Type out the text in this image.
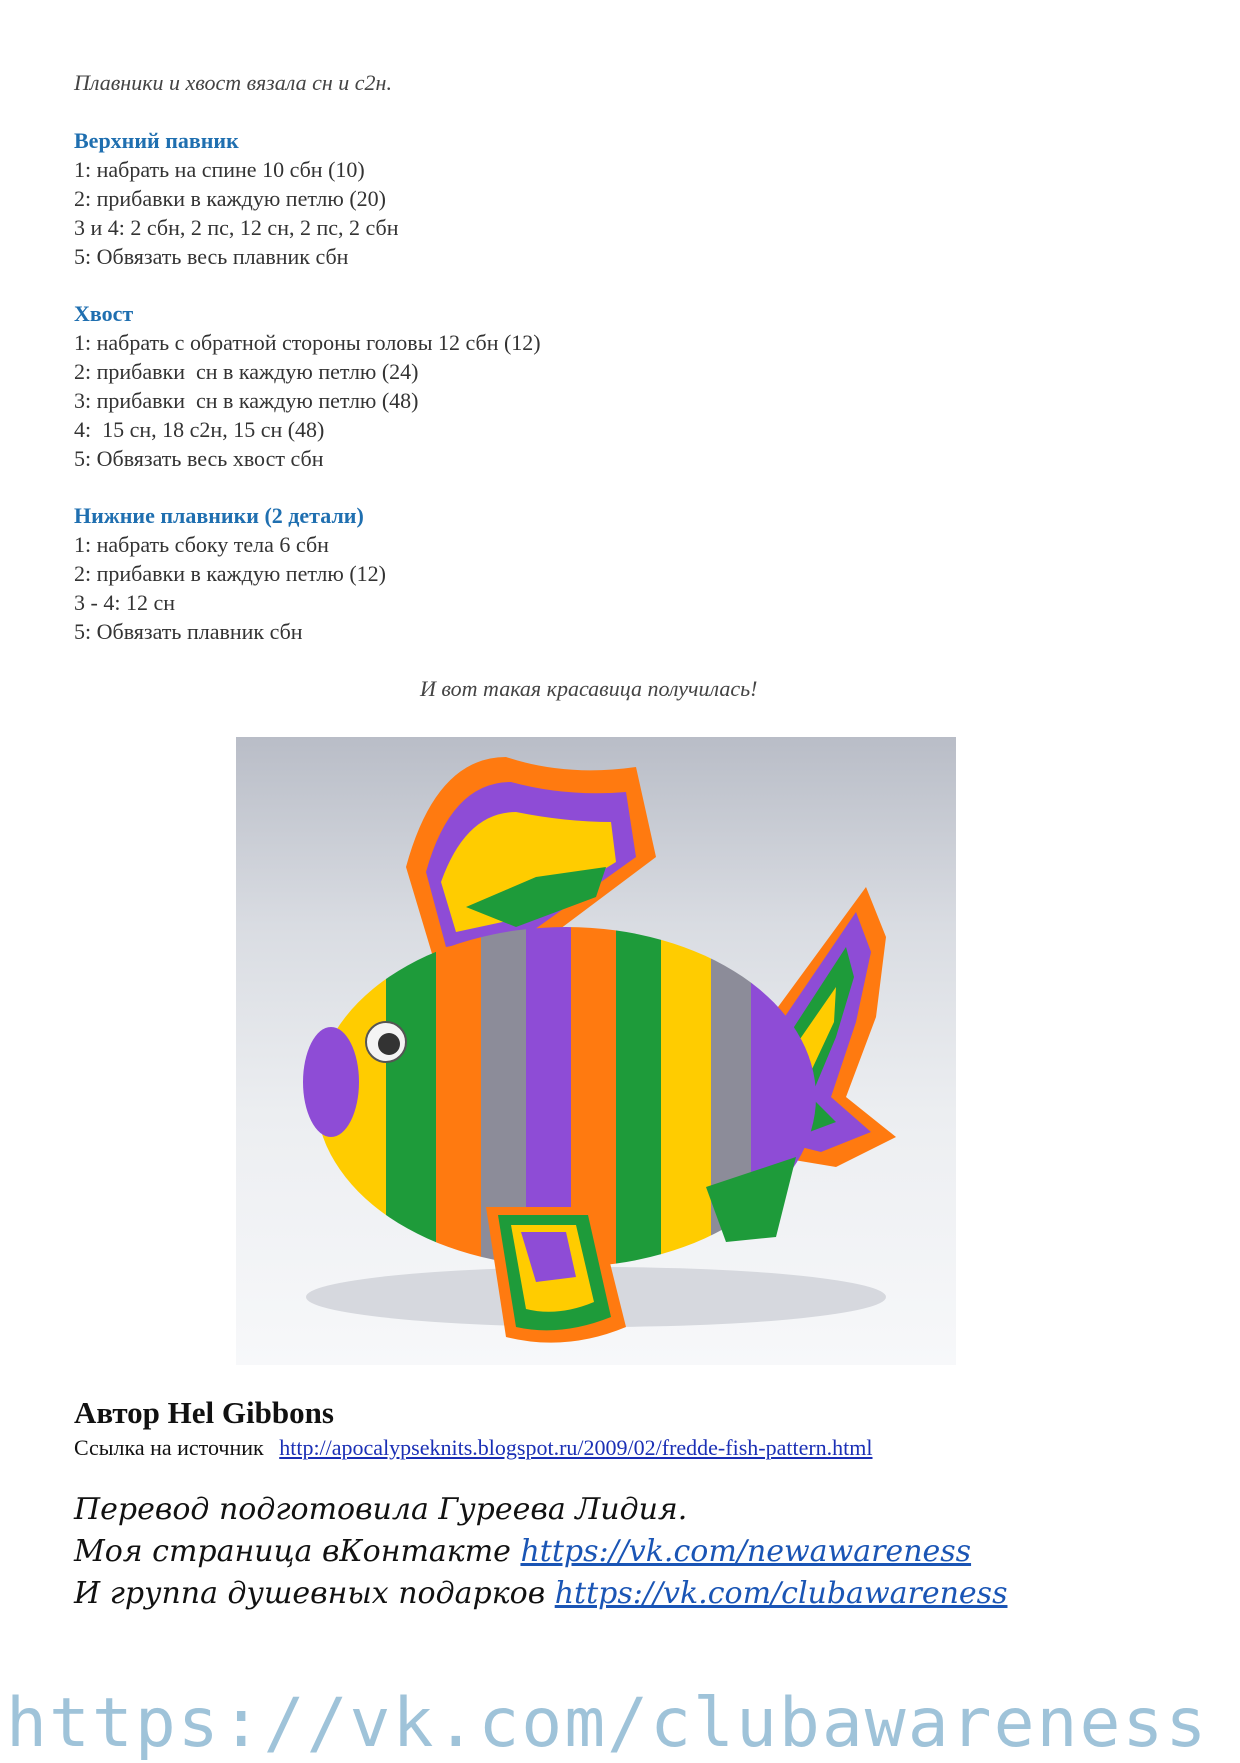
Плавники и хвост вязала сн и с2н.

Верхний павник
1: набрать на спине 10 сбн (10)
2: прибавки в каждую петлю (20)
3 и 4: 2 сбн, 2 пс, 12 сн, 2 пс, 2 сбн
5: Обвязать весь плавник сбн
Хвост
1: набрать с обратной стороны головы 12 сбн (12)
2: прибавки  сн в каждую петлю (24)
3: прибавки  сн в каждую петлю (48)
4:  15 сн, 18 с2н, 15 сн (48)
5: Обвязать весь хвост сбн
Нижние плавники (2 детали)
1: набрать сбоку тела 6 сбн
2: прибавки в каждую петлю (12)
3 - 4: 12 сн
5: Обвязать плавник сбн
И вот такая красавица получилась!
Автор Hel Gibbons
Ссылка на источник http://apocalypseknits.blogspot.ru/2009/02/fredde-fish-pattern.html
Перевод подготовила Гуреева Лидия.
Моя страница вКонтакте https://vk.com/newawareness
И группа душевных подарков https://vk.com/clubawareness
https://vk.com/clubawareness
